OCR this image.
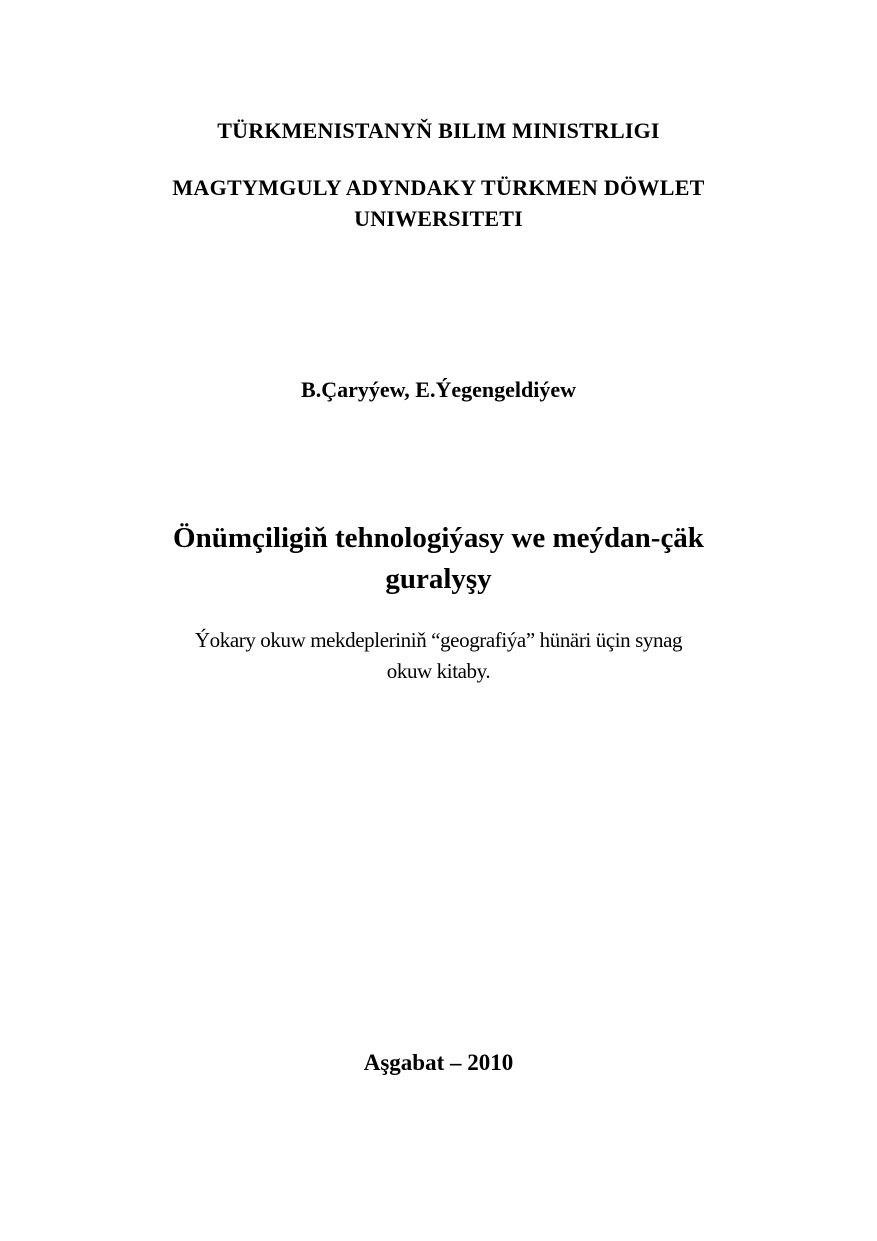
TÜRKMENISTANYŇ BILIM MINISTRLIGI
MAGTYMGULY ADYNDAKY TÜRKMEN DÖWLET
UNIWERSITETI
B.Çaryýew, E.Ýegengeldiýew
Önümçiligiň tehnologiýasy we meýdan-çäk
guralyşy
Ýokary okuw mekdepleriniň “geografiýa” hünäri üçin synag
okuw kitaby.
Aşgabat – 2010
